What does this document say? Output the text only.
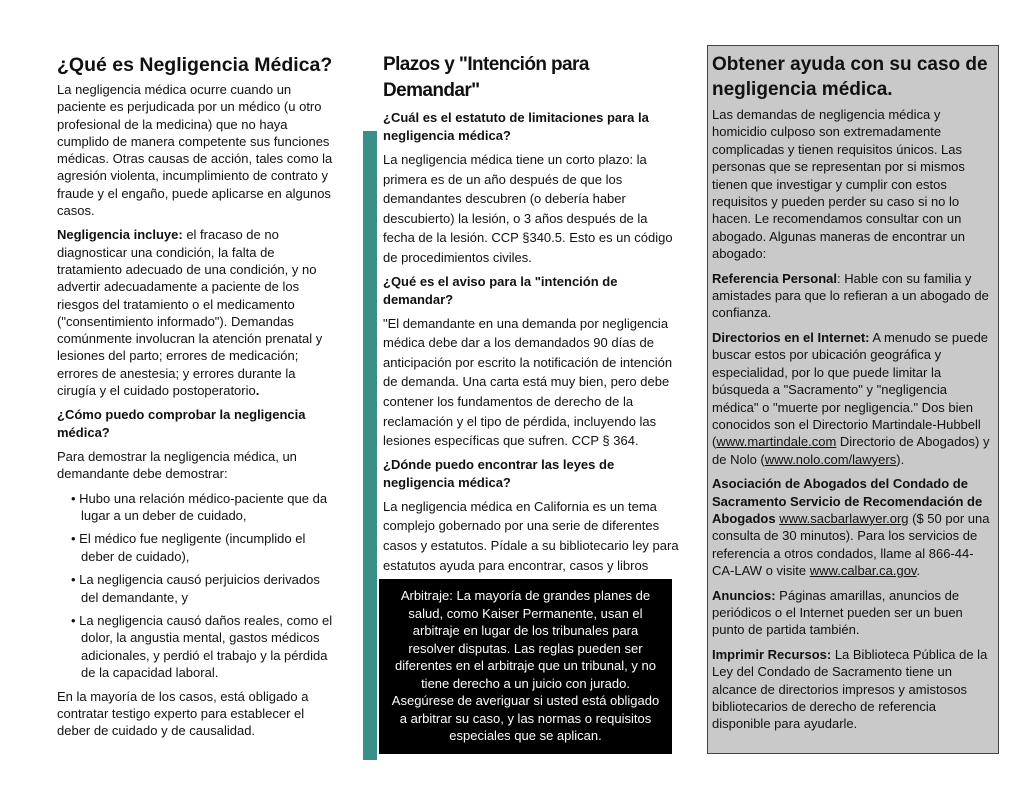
¿Qué es Negligencia Médica?

La negligencia médica ocurre cuando un paciente es perjudicada por un médico (u otro profesional de la medicina) que no haya cumplido de manera competente sus funciones médicas. Otras causas de acción, tales como la agresión violenta, incumplimiento de contrato y fraude y el engaño, puede aplicarse en algunos casos.

Negligencia incluye: el fracaso de no diagnosticar una condición, la falta de tratamiento adecuado de una condición, y no advertir adecuadamente a paciente de los riesgos del tratamiento o el medicamento ("consentimiento informado"). Demandas comúnmente involucran la atención prenatal y lesiones del parto; errores de medicación; errores de anestesia; y errores durante la cirugía y el cuidado postoperatorio.

¿Cómo puedo comprobar la negligencia médica?

Para demostrar la negligencia médica, un demandante debe demostrar:

• Hubo una relación médico-paciente que da lugar a un deber de cuidado,
• El médico fue negligente (incumplido el deber de cuidado),
• La negligencia causó perjuicios derivados del demandante, y
• La negligencia causó daños reales, como el dolor, la angustia mental, gastos médicos adicionales, y perdió el trabajo y la pérdida de la capacidad laboral.

En la mayoría de los casos, está obligado a contratar testigo experto para establecer el deber de cuidado y de causalidad.

Plazos y "Intención para Demandar"

¿Cuál es el estatuto de limitaciones para la negligencia médica?

La negligencia médica tiene un corto plazo: la primera es de un año después de que los demandantes descubren (o debería haber descubierto) la lesión, o 3 años después de la fecha de la lesión. CCP §340.5. Esto es un código de procedimientos civiles.

¿Qué es el aviso para la "intención de demandar?

"El demandante en una demanda por negligencia médica debe dar a los demandados 90 días de anticipación por escrito la notificación de intención de demanda. Una carta está muy bien, pero debe contener los fundamentos de derecho de la reclamación y el tipo de pérdida, incluyendo las lesiones específicas que sufren. CCP § 364.

¿Dónde puedo encontrar las leyes de negligencia médica?

La negligencia médica en California es un tema complejo gobernado por una serie de diferentes casos y estatutos. Pídale a su bibliotecario ley para estatutos ayuda para encontrar, casos y libros

Arbitraje: La mayoría de grandes planes de salud, como Kaiser Permanente, usan el arbitraje en lugar de los tribunales para resolver disputas. Las reglas pueden ser diferentes en el arbitraje que un tribunal, y no tiene derecho a un juicio con jurado. Asegúrese de averiguar si usted está obligado a arbitrar su caso, y las normas o requisitos especiales que se aplican.
Obtener ayuda con su caso de negligencia médica.

Las demandas de negligencia médica y homicidio culposo son extremadamente complicadas y tienen requisitos únicos. Las personas que se representan por si mismos tienen que investigar y cumplir con estos requisitos y pueden perder su caso si no lo hacen. Le recomendamos consultar con un abogado. Algunas maneras de encontrar un abogado:

Referencia Personal: Hable con su familia y amistades para que lo refieran a un abogado de confianza.

Directorios en el Internet: A menudo se puede buscar estos por ubicación geográfica y especialidad, por lo que puede limitar la búsqueda a "Sacramento" y "negligencia médica" o "muerte por negligencia." Dos bien conocidos son el Directorio Martindale-Hubbell (www.martindale.com Directorio de Abogados) y de Nolo (www.nolo.com/lawyers).

Asociación de Abogados del Condado de Sacramento Servicio de Recomendación de Abogados www.sacbarlawyer.org ($ 50 por una consulta de 30 minutos). Para los servicios de referencia a otros condados, llame al 866-44-CA-LAW o visite www.calbar.ca.gov.

Anuncios: Páginas amarillas, anuncios de periódicos o el Internet pueden ser un buen punto de partida también.

Imprimir Recursos: La Biblioteca Pública de la Ley del Condado de Sacramento tiene un alcance de directorios impresos y amistosos bibliotecarios de derecho de referencia disponible para ayudarle.
